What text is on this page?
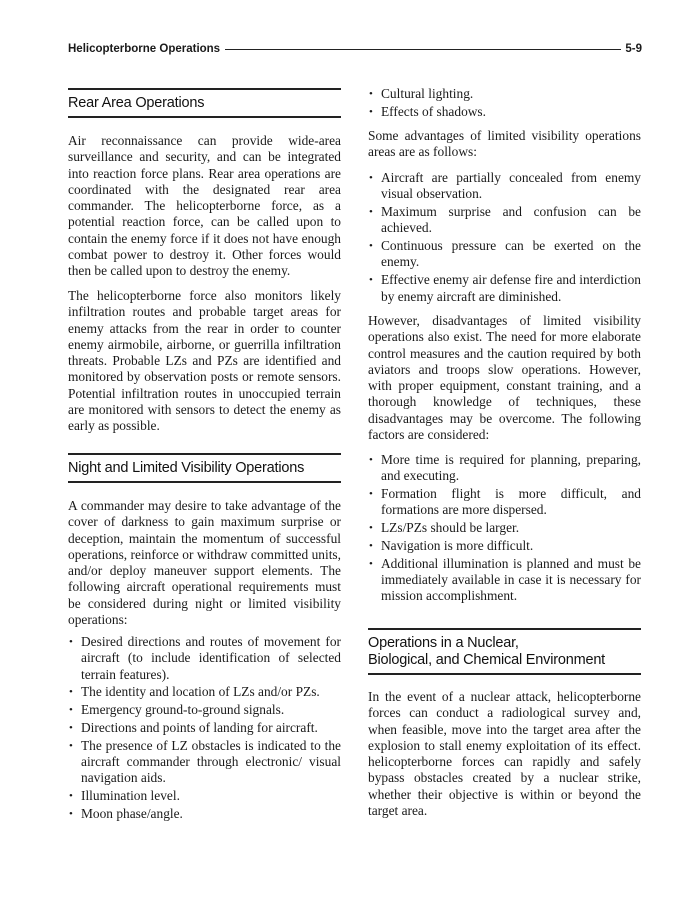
Helicopterborne Operations	5-9
Rear Area Operations

Air reconnaissance can provide wide-area surveillance and security, and can be integrated into reaction force plans. Rear area operations are coordinated with the designated rear area commander. The helicopterborne force, as a potential reaction force, can be called upon to contain the enemy force if it does not have enough combat power to destroy it. Other forces would then be called upon to destroy the enemy.

The helicopterborne force also monitors likely infiltration routes and probable target areas for enemy attacks from the rear in order to counter enemy airmobile, airborne, or guerrilla infiltration threats. Probable LZs and PZs are identified and monitored by observation posts or remote sensors. Potential infiltration routes in unoccupied terrain are monitored with sensors to detect the enemy as early as possible.

Night and Limited Visibility Operations

A commander may desire to take advantage of the cover of darkness to gain maximum surprise or deception, maintain the momentum of successful operations, reinforce or withdraw committed units, and/or deploy maneuver support elements. The following aircraft operational requirements must be considered during night or limited visibility operations:

• Desired directions and routes of movement for aircraft (to include identification of selected terrain features).
• The identity and location of LZs and/or PZs.
• Emergency ground-to-ground signals.
• Directions and points of landing for aircraft.
• The presence of LZ obstacles is indicated to the aircraft commander through electronic/ visual navigation aids.
• Illumination level.
• Moon phase/angle.
• Cultural lighting.
• Effects of shadows.

Some advantages of limited visibility operations areas are as follows:

• Aircraft are partially concealed from enemy visual observation.
• Maximum surprise and confusion can be achieved.
• Continuous pressure can be exerted on the enemy.
• Effective enemy air defense fire and interdiction by enemy aircraft are diminished.

However, disadvantages of limited visibility operations also exist. The need for more elaborate control measures and the caution required by both aviators and troops slow operations. However, with proper equipment, constant training, and a thorough knowledge of techniques, these disadvantages may be overcome. The following factors are considered:

• More time is required for planning, preparing, and executing.
• Formation flight is more difficult, and formations are more dispersed.
• LZs/PZs should be larger.
• Navigation is more difficult.
• Additional illumination is planned and must be immediately available in case it is necessary for mission accomplishment.
Operations in a Nuclear,
Biological, and Chemical Environment

In the event of a nuclear attack, helicopterborne forces can conduct a radiological survey and, when feasible, move into the target area after the explosion to stall enemy exploitation of its effect. helicopterborne forces can rapidly and safely bypass obstacles created by a nuclear strike, whether their objective is within or beyond the target area.
